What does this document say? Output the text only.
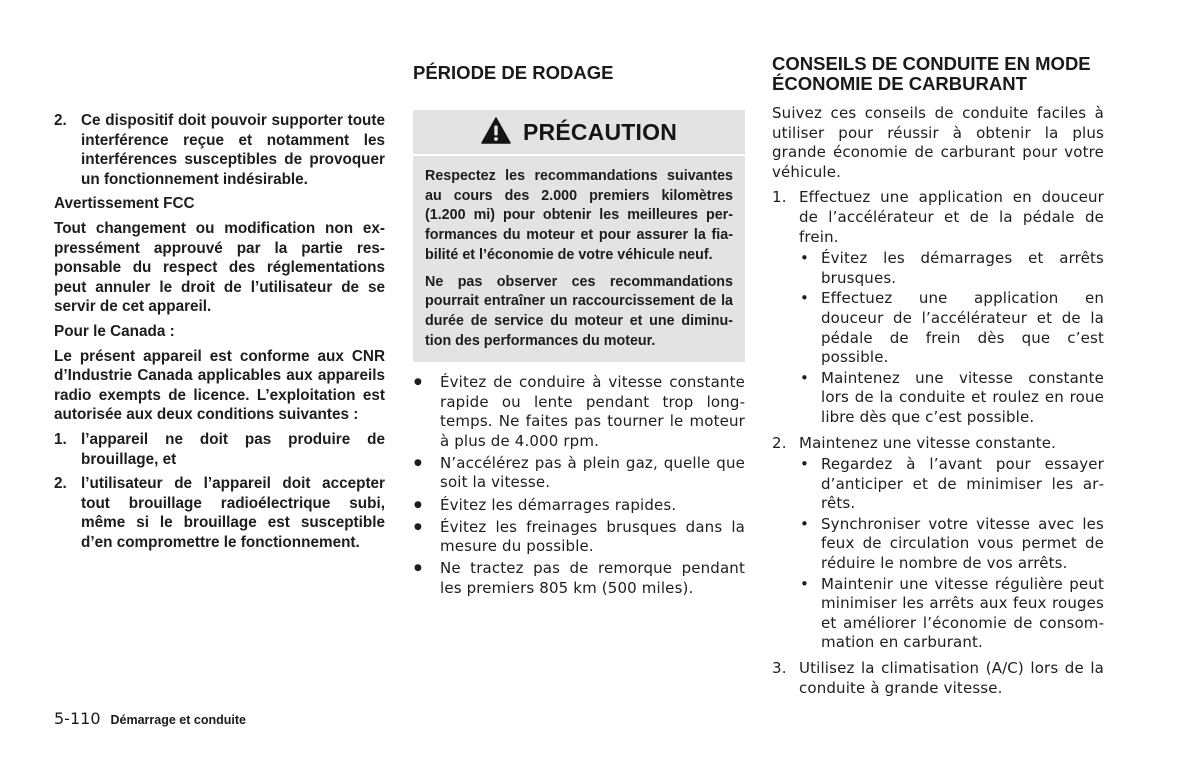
2. Ce dispositif doit pouvoir supporter toute interférence reçue et notamment les interférences susceptibles de provoquer un fonctionnement indésirable.

Avertissement FCC

Tout changement ou modification non expressément approuvé par la partie responsable du respect des réglementations peut annuler le droit de l’utilisateur de se servir de cet appareil.

Pour le Canada :

Le présent appareil est conforme aux CNR d’Industrie Canada applicables aux appareils radio exempts de licence. L’exploitation est autorisée aux deux conditions suivantes :

1. l’appareil ne doit pas produire de brouillage, et

2. l’utilisateur de l’appareil doit accepter tout brouillage radioélectrique subi, même si le brouillage est susceptible d’en compromettre le fonctionnement.

PÉRIODE DE RODAGE
PRÉCAUTION

Respectez les recommandations suivantes au cours des 2.000 premiers kilomètres (1.200 mi) pour obtenir les meilleures performances du moteur et pour assurer la fiabilité et l’économie de votre véhicule neuf.

Ne pas observer ces recommandations pourrait entraîner un raccourcissement de la durée de service du moteur et une diminution des performances du moteur.

● Évitez de conduire à vitesse constante rapide ou lente pendant trop longtemps. Ne faites pas tourner le moteur à plus de 4.000 rpm.
● N’accélérez pas à plein gaz, quelle que soit la vitesse.
● Évitez les démarrages rapides.
● Évitez les freinages brusques dans la mesure du possible.
● Ne tractez pas de remorque pendant les premiers 805 km (500 miles).
CONSEILS DE CONDUITE EN MODE
ÉCONOMIE DE CARBURANT

Suivez ces conseils de conduite faciles à utiliser pour réussir à obtenir la plus grande économie de carburant pour votre véhicule.

1. Effectuez une application en douceur de l’accélérateur et de la pédale de frein.
• Évitez les démarrages et arrêts brusques.
• Effectuez une application en douceur de l’accélérateur et de la pédale de frein dès que c’est possible.
• Maintenez une vitesse constante lors de la conduite et roulez en roue libre dès que c’est possible.
2. Maintenez une vitesse constante.
• Regardez à l’avant pour essayer d’anticiper et de minimiser les arrêts.
• Synchroniser votre vitesse avec les feux de circulation vous permet de réduire le nombre de vos arrêts.
• Maintenir une vitesse régulière peut minimiser les arrêts aux feux rouges et améliorer l’économie de consommation en carburant.
3. Utilisez la climatisation (A/C) lors de la conduite à grande vitesse.
5-110 Démarrage et conduite
